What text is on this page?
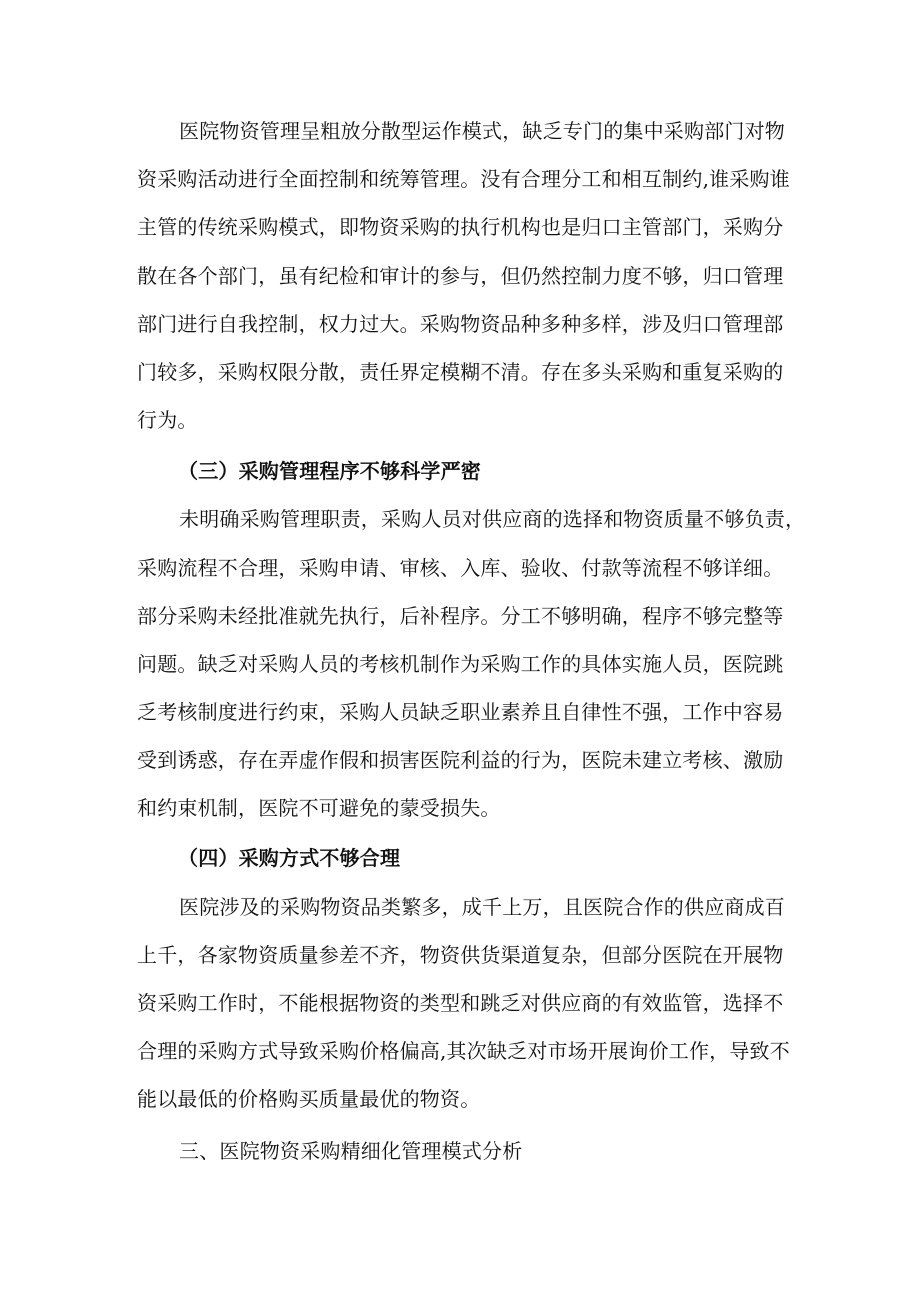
医院物资管理呈粗放分散型运作模式，缺乏专门的集中采购部门对物
资采购活动进行全面控制和统筹管理。没有合理分工和相互制约,谁采购谁
主管的传统采购模式，即物资采购的执行机构也是归口主管部门，采购分
散在各个部门，虽有纪检和审计的参与，但仍然控制力度不够，归口管理
部门进行自我控制，权力过大。采购物资品种多种多样，涉及归口管理部
门较多，采购权限分散，责任界定模糊不清。存在多头采购和重复采购的
行为。
（三）采购管理程序不够科学严密
未明确采购管理职责，采购人员对供应商的选择和物资质量不够负责，
采购流程不合理，采购申请、审核、入库、验收、付款等流程不够详细。
部分采购未经批准就先执行，后补程序。分工不够明确，程序不够完整等
问题。缺乏对采购人员的考核机制作为采购工作的具体实施人员，医院跳
乏考核制度进行约束，采购人员缺乏职业素养且自律性不强，工作中容易
受到诱惑，存在弄虚作假和损害医院利益的行为，医院未建立考核、激励
和约束机制，医院不可避免的蒙受损失。
（四）采购方式不够合理
医院涉及的采购物资品类繁多，成千上万，且医院合作的供应商成百
上千，各家物资质量参差不齐，物资供货渠道复杂，但部分医院在开展物
资采购工作时，不能根据物资的类型和跳乏对供应商的有效监管，选择不
合理的采购方式导致采购价格偏高,其次缺乏对市场开展询价工作，导致不
能以最低的价格购买质量最优的物资。
三、医院物资采购精细化管理模式分析
